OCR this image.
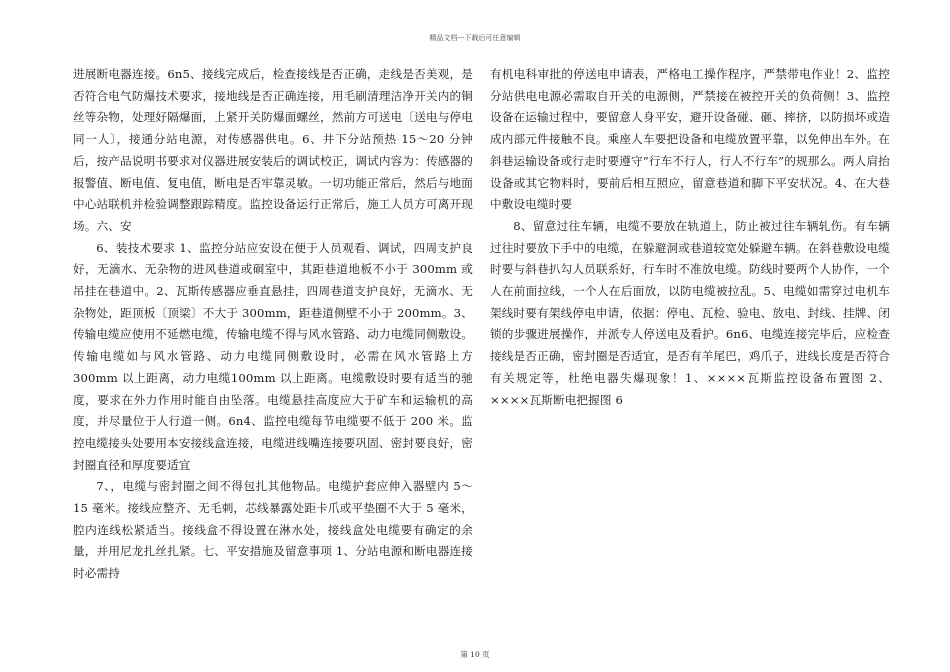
精品文档---下载后可任意编辑

进展断电器连接。6n5、接线完成后，检查接线是否正确，走线是否美观，是否符合电气防爆技术要求，接地线是否正确连接，用毛刷清理洁净开关内的铜丝等杂物，处理好隔爆面，上紧开关防爆面螺丝，然前方可送电〔送电与停电同一人〕，接通分站电源，对传感器供电。6、井下分站预热 15～20 分钟后，按产品说明书要求对仪器进展安装后的调试校正，调试内容为：传感器的报警值、断电值、复电值，断电是否牢靠灵敏。一切功能正常后，然后与地面中心站联机并检验调整跟踪精度。监控设备运行正常后，施工人员方可离开现场。六、安

6、装技术要求 1、监控分站应安设在便于人员观看、调试，四周支护良好，无滴水、无杂物的进风巷道或硐室中，其距巷道地板不小于 300mm 或吊挂在巷道中。2、瓦斯传感器应垂直悬挂，四周巷道支护良好，无滴水、无杂物处，距顶板〔顶梁〕不大于 300mm，距巷道侧壁不小于 200mm。3、传输电缆应使用不延燃电缆，传输电缆不得与风水管路、动力电缆同侧敷设。传输电缆如与风水管路、动力电缆同侧敷设时，必需在风水管路上方 300mm 以上距离，动力电缆100mm 以上距离。电缆敷设时要有适当的驰度，要求在外力作用时能自由坠落。电缆悬挂高度应大于矿车和运输机的高度，并尽量位于人行道一侧。6n4、监控电缆每节电缆要不低于 200 米。监控电缆接头处要用本安接线盒连接，电缆进线嘴连接要巩固、密封要良好，密封圈直径和厚度要适宜

7、，电缆与密封圈之间不得包扎其他物品。电缆护套应伸入器壁内 5～15 毫米。接线应整齐、无毛刺，芯线暴露处距卡爪或平垫圈不大于 5 毫米，腔内连线松紧适当。接线盒不得设置在淋水处，接线盒处电缆要有确定的余量，并用尼龙扎丝扎紧。七、平安措施及留意事项 1、分站电源和断电器连接时必需持

有机电科审批的停送电申请表，严格电工操作程序，严禁带电作业！2、监控分站供电电源必需取自开关的电源侧，严禁接在被控开关的负荷侧！3、监控设备在运输过程中，要留意人身平安，避开设备碰、砸、摔挤，以防损坏或造成内部元件接触不良。乘座人车要把设备和电缆放置平靠，以免伸出车外。在斜巷运输设备或行走时要遵守“行车不行人，行人不行车”的规那么。两人肩抬设备或其它物料时，要前后相互照应，留意巷道和脚下平安状况。4、在大巷中敷设电缆时要

8、留意过往车辆，电缆不要放在轨道上，防止被过往车辆轧伤。有车辆过往时要放下手中的电缆，在躲避洞或巷道较宽处躲避车辆。在斜巷敷设电缆时要与斜巷扒勾人员联系好，行车时不准放电缆。防线时要两个人协作，一个人在前面拉线，一个人在后面放，以防电缆被拉乱。5、电缆如需穿过电机车架线时要有架线停电申请，依据：停电、瓦检、验电、放电、封线、挂牌、闭锁的步骤进展操作，并派专人停送电及看护。6n6、电缆连接完毕后，应检查接线是否正确，密封圈是否适宜，是否有羊尾巴，鸡爪子，进线长度是否符合有关规定等，杜绝电器失爆现象！1、××××瓦斯监控设备布置图 2、××××瓦斯断电把握图 6

第 10 页
